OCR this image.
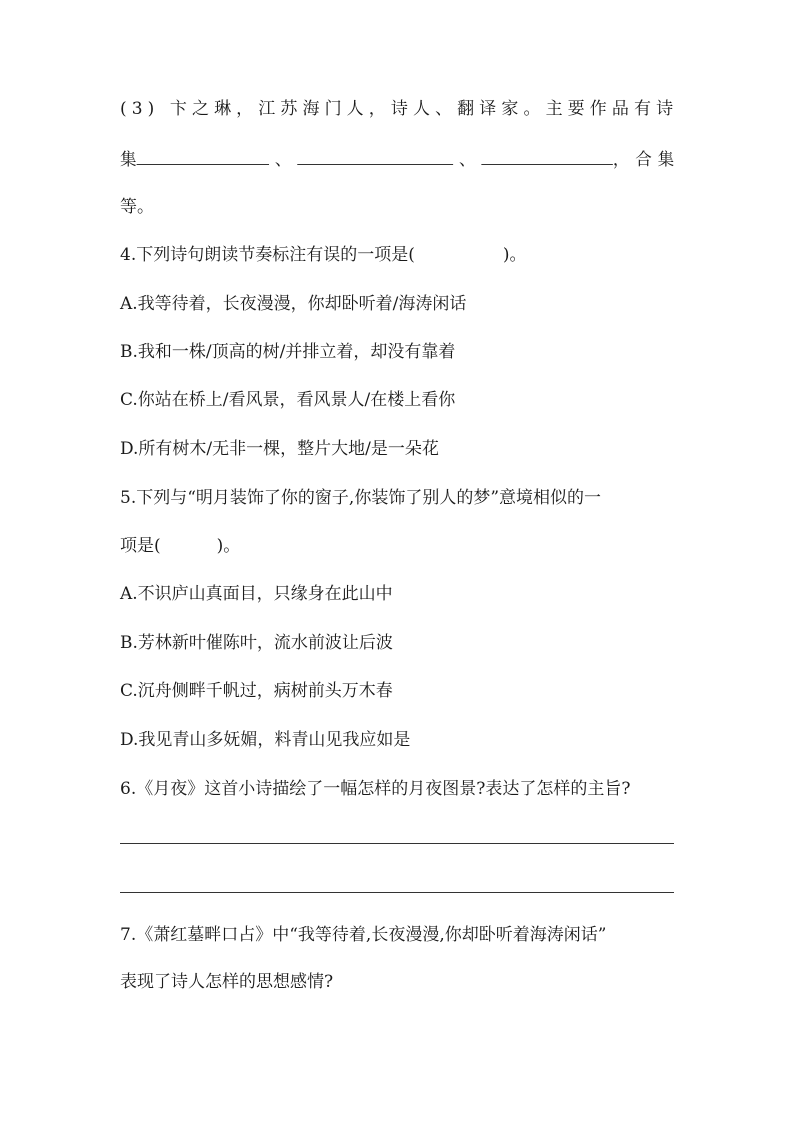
(3) 卞之琳，江苏海门人，诗人、翻译家。主要作品有诗
集	、	、	，合集
等。
4.下列诗句朗读节奏标注有误的一项是(	)。
A.我等待着，长夜漫漫，你却卧听着/海涛闲话
B.我和一株/顶高的树/并排立着，却没有靠着
C.你站在桥上/看风景，看风景人/在楼上看你
D.所有树木/无非一棵，整片大地/是一朵花
5.下列与“明月装饰了你的窗子,你装饰了别人的梦”意境相似的一
项是(	)。
A.不识庐山真面目，只缘身在此山中
B.芳林新叶催陈叶，流水前波让后波
C.沉舟侧畔千帆过，病树前头万木春
D.我见青山多妩媚，料青山见我应如是
6.《月夜》这首小诗描绘了一幅怎样的月夜图景?表达了怎样的主旨?
7.《萧红墓畔口占》中“我等待着,长夜漫漫,你却卧听着海涛闲话”
表现了诗人怎样的思想感情?
